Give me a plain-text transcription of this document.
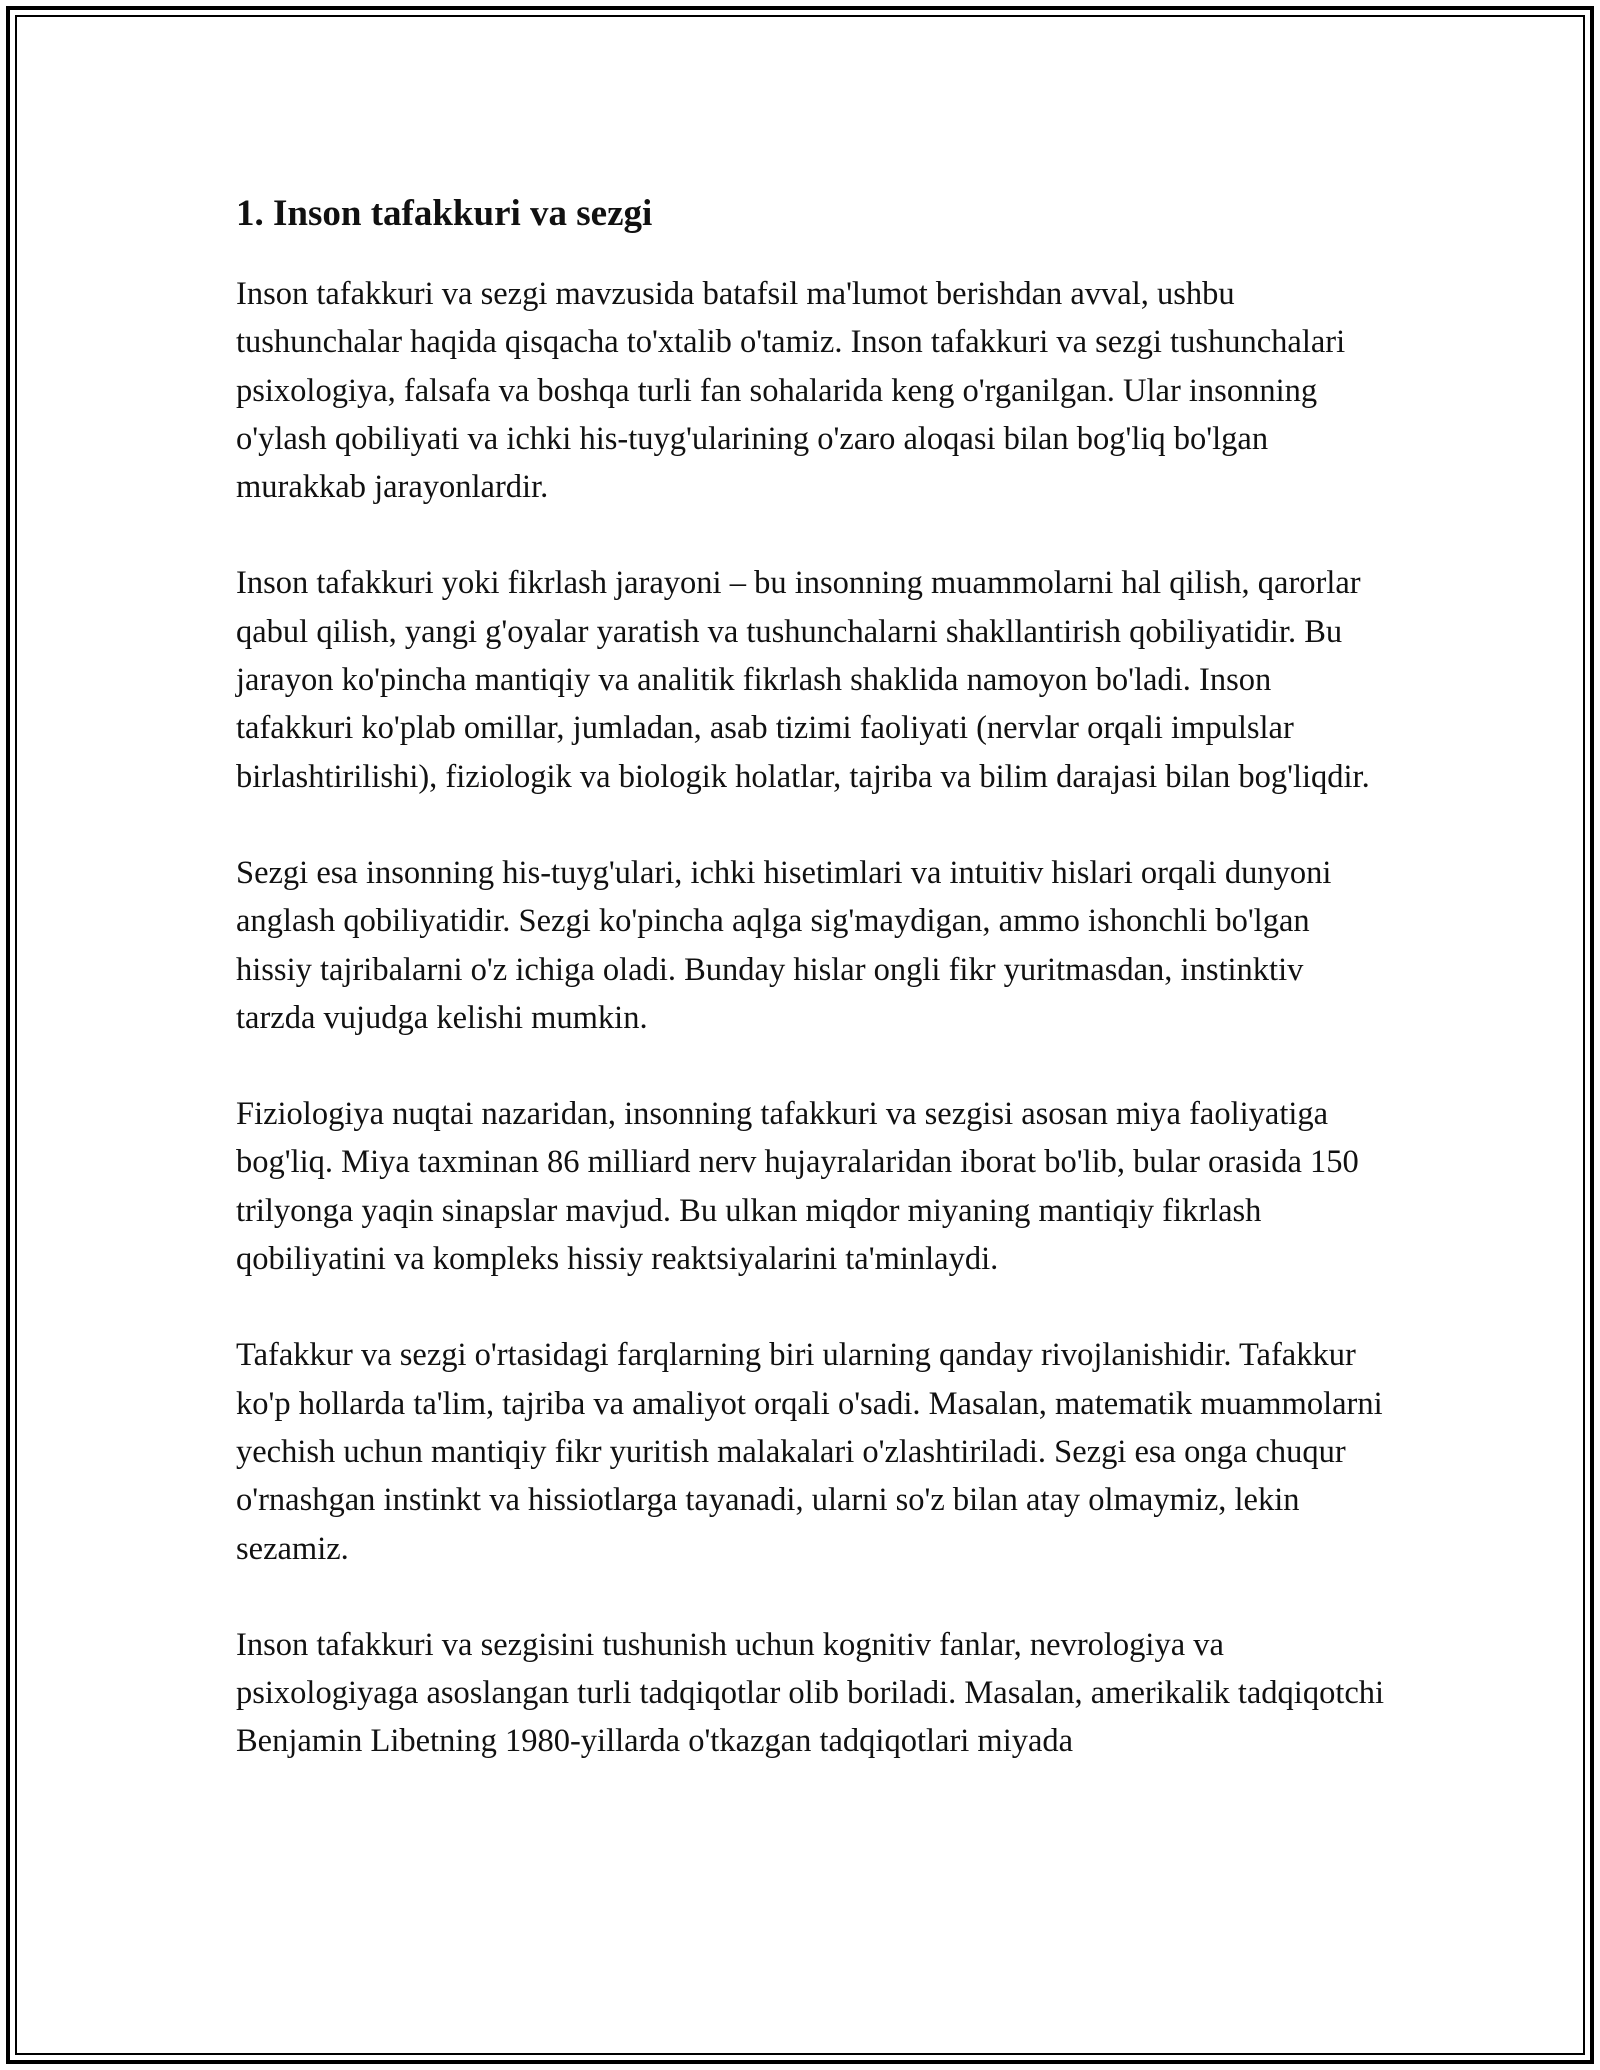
1. Inson tafakkuri va sezgi

Inson tafakkuri va sezgi mavzusida batafsil ma'lumot berishdan avval, ushbu tushunchalar haqida qisqacha to'xtalib o'tamiz. Inson tafakkuri va sezgi tushunchalari psixologiya, falsafa va boshqa turli fan sohalarida keng o'rganilgan. Ular insonning o'ylash qobiliyati va ichki his-tuyg'ularining o'zaro aloqasi bilan bog'liq bo'lgan murakkab jarayonlardir.

Inson tafakkuri yoki fikrlash jarayoni – bu insonning muammolarni hal qilish, qarorlar qabul qilish, yangi g'oyalar yaratish va tushunchalarni shakllantirish qobiliyatidir. Bu jarayon ko'pincha mantiqiy va analitik fikrlash shaklida namoyon bo'ladi. Inson tafakkuri ko'plab omillar, jumladan, asab tizimi faoliyati (nervlar orqali impulslar birlashtirilishi), fiziologik va biologik holatlar, tajriba va bilim darajasi bilan bog'liqdir.

Sezgi esa insonning his-tuyg'ulari, ichki hisetimlari va intuitiv hislari orqali dunyoni anglash qobiliyatidir. Sezgi ko'pincha aqlga sig'maydigan, ammo ishonchli bo'lgan hissiy tajribalarni o'z ichiga oladi. Bunday hislar ongli fikr yuritmasdan, instinktiv tarzda vujudga kelishi mumkin.

Fiziologiya nuqtai nazaridan, insonning tafakkuri va sezgisi asosan miya faoliyatiga bog'liq. Miya taxminan 86 milliard nerv hujayralaridan iborat bo'lib, bular orasida 150 trilyonga yaqin sinapslar mavjud. Bu ulkan miqdor miyaning mantiqiy fikrlash qobiliyatini va kompleks hissiy reaktsiyalarini ta'minlaydi.

Tafakkur va sezgi o'rtasidagi farqlarning biri ularning qanday rivojlanishidir. Tafakkur ko'p hollarda ta'lim, tajriba va amaliyot orqali o'sadi. Masalan, matematik muammolarni yechish uchun mantiqiy fikr yuritish malakalari o'zlashtiriladi. Sezgi esa onga chuqur o'rnashgan instinkt va hissiotlarga tayanadi, ularni so'z bilan atay olmaymiz, lekin sezamiz.

Inson tafakkuri va sezgisini tushunish uchun kognitiv fanlar, nevrologiya va psixologiyaga asoslangan turli tadqiqotlar olib boriladi. Masalan, amerikalik tadqiqotchi Benjamin Libetning 1980-yillarda o'tkazgan tadqiqotlari miyada
